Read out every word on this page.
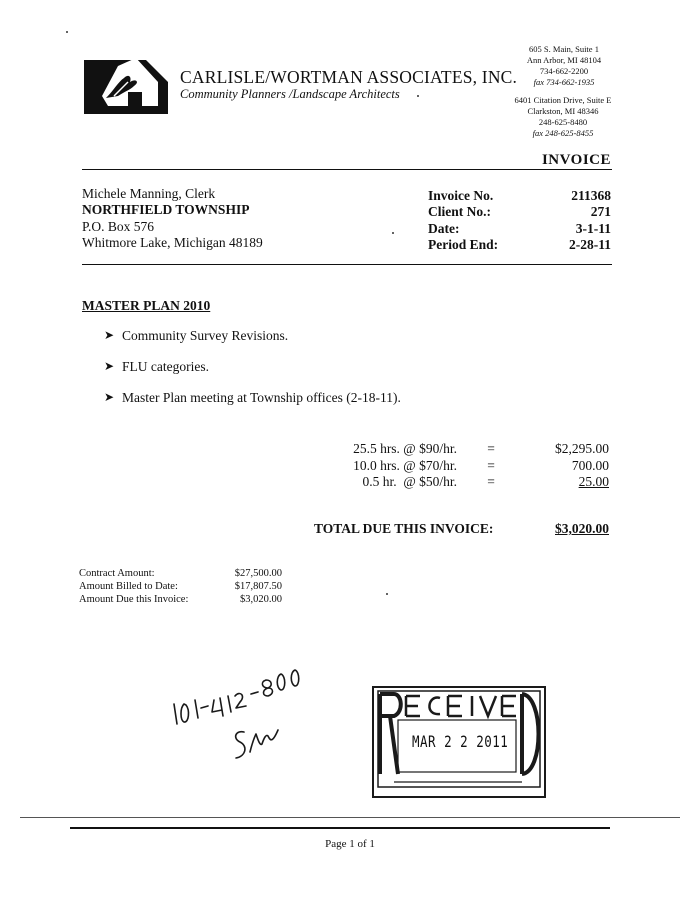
CARLISLE/WORTMAN ASSOCIATES, INC.
Community Planners /Landscape Architects
605 S. Main, Suite 1
Ann Arbor, MI 48104
734-662-2200
fax 734-662-1935
6401 Citation Drive, Suite E
Clarkston, MI 48346
248-625-8480
fax 248-625-8455
INVOICE
Michele Manning, Clerk
NORTHFIELD TOWNSHIP
P.O. Box 576
Whitmore Lake, Michigan 48189
Invoice No.
Client No.:
Date:
Period End:
211368
271
3-1-11
2-28-11
MASTER PLAN 2010
➤ Community Survey Revisions.
➤ FLU categories.
➤ Master Plan meeting at Township offices (2-18-11).
25.5 hrs. @ $90/hr.
10.0 hrs. @ $70/hr.
0.5 hr.  @ $50/hr.
=
=
=
$2,295.00
700.00
25.00
TOTAL DUE THIS INVOICE:	$3,020.00
Contract Amount:
Amount Billed to Date:
Amount Due this Invoice:
$27,500.00
$17,807.50
$3,020.00
MAR 2 2 2011
Page 1 of 1
